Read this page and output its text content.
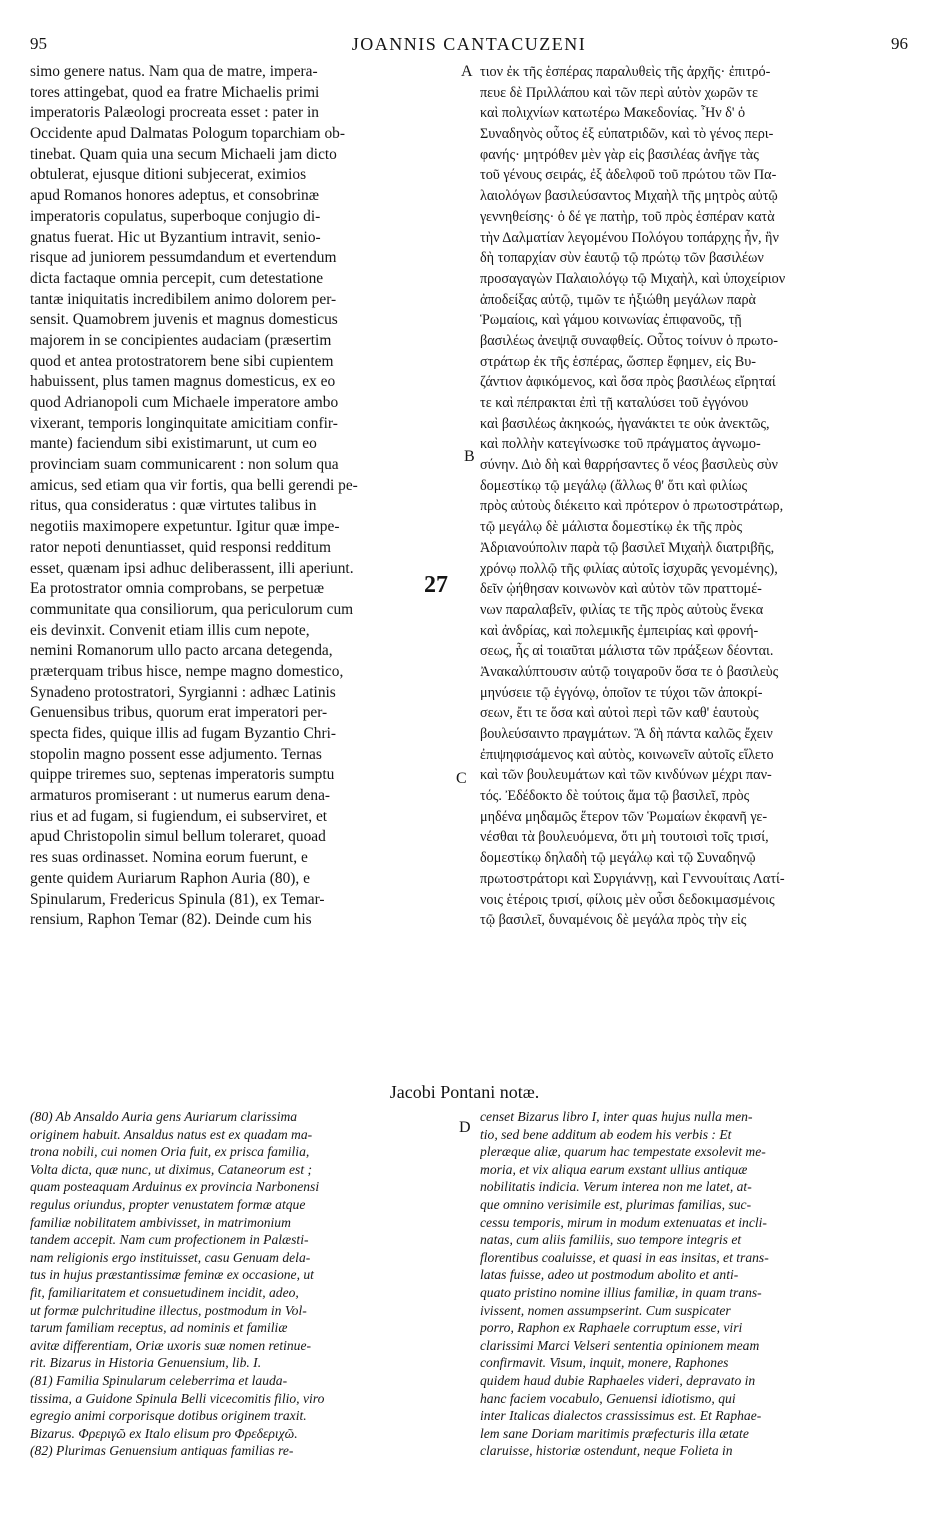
95	JOANNIS CANTACUZENI	96
simo genere natus. Nam qua de matre, impera-
tores attingebat, quod ea fratre Michaelis primi
imperatoris Palæologi procreata esset : pater in
Occidente apud Dalmatas Pologum toparchiam ob-
tinebat. Quam quia una secum Michaeli jam dicto
obtulerat, ejusque ditioni subjecerat, eximios
apud Romanos honores adeptus, et consobrinæ
imperatoris copulatus, superboque conjugio di-
gnatus fuerat. Hic ut Byzantium intravit, senio-
risque ad juniorem pessumdandum et evertendum
dicta factaque omnia percepit, cum detestatione
tantæ iniquitatis incredibilem animo dolorem per-
sensit. Quamobrem juvenis et magnus domesticus
majorem in se concipientes audaciam (præsertim
quod et antea protostratorem bene sibi cupientem
habuissent, plus tamen magnus domesticus, ex eo
quod Adrianopoli cum Michaele imperatore ambo
vixerant, temporis longinquitate amicitiam confir-
mante) faciendum sibi existimarunt, ut cum eo
provinciam suam communicarent : non solum qua
amicus, sed etiam qua vir fortis, qua belli gerendi pe-
ritus, qua consideratus : quæ virtutes talibus in
negotiis maximopere expetuntur. Igitur quæ impe-
rator nepoti denuntiasset, quid responsi redditum
esset, quænam ipsi adhuc deliberassent, illi aperiunt.
Ea protostrator omnia comprobans, se perpetuæ
communitate qua consiliorum, qua periculorum cum
eis devinxit. Convenit etiam illis cum nepote,
nemini Romanorum ullo pacto arcana detegenda,
præterquam tribus hisce, nempe magno domestico,
Synadeno protostratori, Syrgianni : adhæc Latinis
Genuensibus tribus, quorum erat imperatori per-
specta fides, quique illis ad fugam Byzantio Chri-
stopolin magno possent esse adjumento. Ternas
quippe triremes suo, septenas imperatoris sumptu
armaturos promiserant : ut numerus earum dena-
rius et ad fugam, si fugiendum, ei subserviret, et
apud Christopolin simul bellum toleraret, quoad
res suas ordinasset. Nomina eorum fuerunt, e
gente quidem Auriarum Raphon Auria (80), e
Spinularum, Fredericus Spinula (81), ex Temar-
rensium, Raphon Temar (82). Deinde cum his
τιον ἐκ τῆς ἑσπέρας παραλυθεὶς τῆς ἀρχῆς· ἐπιτρό-
πευε δὲ Πριλλάπου καὶ τῶν περὶ αὐτὸν χωρῶν τε
καὶ πολιχνίων κατωτέρω Μακεδονίας. Ἦν δ' ὁ
Συναδηνὸς οὗτος ἐξ εὐπατριδῶν, καὶ τὸ γένος περι-
φανής· μητρόθεν μὲν γὰρ εἰς βασιλέας ἀνῆγε τὰς
τοῦ γένους σειράς, ἐξ ἀδελφοῦ τοῦ πρώτου τῶν Πα-
λαιολόγων βασιλεύσαντος Μιχαὴλ τῆς μητρὸς αὐτῷ
γεννηθείσης· ὁ δέ γε πατὴρ, τοῦ πρὸς ἑσπέραν κατὰ
τὴν Δαλματίαν λεγομένου Πολόγου τοπάρχης ἦν, ἣν
δὴ τοπαρχίαν σὺν ἑαυτῷ τῷ πρώτῳ τῶν βασιλέων
προσαγαγὼν Παλαιολόγῳ τῷ Μιχαὴλ, καὶ ὑποχείριον
ἀποδείξας αὐτῷ, τιμῶν τε ἠξιώθη μεγάλων παρὰ
Ῥωμαίοις, καὶ γάμου κοινωνίας ἐπιφανοῦς, τῇ
βασιλέως ἀνεψιᾷ συναφθείς. Οὗτος τοίνυν ὁ πρωτο-
στράτωρ ἐκ τῆς ἑσπέρας, ὥσπερ ἔφημεν, εἰς Βυ-
ζάντιον ἀφικόμενος, καὶ ὅσα πρὸς βασιλέως εἴρηταί
τε καὶ πέπρακται ἐπὶ τῇ καταλύσει τοῦ ἐγγόνου
καὶ βασιλέως ἀκηκοώς, ἠγανάκτει τε οὐκ ἀνεκτῶς,
καὶ πολλὴν κατεγίνωσκε τοῦ πράγματος ἀγνωμο-
σύνην. Διὸ δὴ καὶ θαρρήσαντες ὅ νέος βασιλεὺς σὺν
δομεστίκῳ τῷ μεγάλῳ (ἄλλως θ' ὅτι καὶ φιλίως
πρὸς αὐτοὺς διέκειτο καὶ πρότερον ὁ πρωτοστράτωρ,
τῷ μεγάλῳ δὲ μάλιστα δομεστίκῳ ἐκ τῆς πρὸς
Ἀδριανούπολιν παρὰ τῷ βασιλεῖ Μιχαὴλ διατριβῆς,
χρόνῳ πολλῷ τῆς φιλίας αὐτοῖς ἰσχυρᾶς γενομένης),
δεῖν ᾠήθησαν κοινωνὸν καὶ αὐτὸν τῶν πραττομέ-
νων παραλαβεῖν, φιλίας τε τῆς πρὸς αὐτοὺς ἕνεκα
καὶ ἀνδρίας, καὶ πολεμικῆς ἐμπειρίας καὶ φρονή-
σεως, ἧς αἱ τοιαῦται μάλιστα τῶν πράξεων δέονται.
Ἀνακαλύπτουσιν αὐτῷ τοιγαροῦν ὅσα τε ὁ βασιλεὺς
μηνύσειε τῷ ἐγγόνῳ, ὁποῖον τε τύχοι τῶν ἀποκρί-
σεων, ἔτι τε ὅσα καὶ αὐτοὶ περὶ τῶν καθ' ἑαυτοὺς
βουλεύσαιντο πραγμάτων. Ἃ δὴ πάντα καλῶς ἔχειν
ἐπιψηφισάμενος καὶ αὐτὸς, κοινωνεῖν αὐτοῖς εἵλετο
καὶ τῶν βουλευμάτων καὶ τῶν κινδύνων μέχρι παν-
τός. Ἐδέδοκτο δὲ τούτοις ἅμα τῷ βασιλεῖ, πρὸς
μηδένα μηδαμῶς ἕτερον τῶν Ῥωμαίων ἐκφανῆ γε-
νέσθαι τὰ βουλευόμενα, ὅτι μὴ τουτοισὶ τοῖς τρισί,
δομεστίκῳ δηλαδὴ τῷ μεγάλῳ καὶ τῷ Συναδηνῷ
πρωτοστράτορι καὶ Συργιάννῃ, καὶ Γεννουίταις Λατί-
νοις ἑτέροις τρισί, φίλοις μὲν οὖσι δεδοκιμασμένοις
τῷ βασιλεῖ, δυναμένοις δὲ μεγάλα πρὸς τὴν εἰς
A
B
C
D
27
Jacobi Pontani notæ.
(80) Ab Ansaldo Auria gens Auriarum clarissima
originem habuit. Ansaldus natus est ex quadam ma-
trona nobili, cui nomen Oria fuit, ex prisca familia,
Volta dicta, quæ nunc, ut diximus, Cataneorum est ;
quam posteaquam Arduinus ex provincia Narbonensi
regulus oriundus, propter venustatem formæ atque
familiæ nobilitatem ambivisset, in matrimonium
tandem accepit. Nam cum profectionem in Palæsti-
nam religionis ergo instituisset, casu Genuam dela-
tus in hujus præstantissimæ feminæ ex occasione, ut
fit, familiaritatem et consuetudinem incidit, adeo,
ut formæ pulchritudine illectus, postmodum in Vol-
tarum familiam receptus, ad nominis et familiæ
avitæ differentiam, Oriæ uxoris suæ nomen retinue-
rit. Bizarus in Historia Genuensium, lib. I.
(81) Familia Spinularum celeberrima et lauda-
tissima, a Guidone Spinula Belli vicecomitis filio, viro
egregio animi corporisque dotibus originem traxit.
Bizarus. Φρεριγῶ ex Italo elisum pro Φρεδεριχῶ.
(82) Plurimas Genuensium antiquas familias re-
censet Bizarus libro I, inter quas hujus nulla men-
tio, sed bene additum ab eodem his verbis : Et
pleræque aliæ, quarum hac tempestate exsolevit me-
moria, et vix aliqua earum exstant ullius antiquæ
nobilitatis indicia. Verum interea non me latet, at-
que omnino verisimile est, plurimas familias, suc-
cessu temporis, mirum in modum extenuatas et incli-
natas, cum aliis familiis, suo tempore integris et
florentibus coaluisse, et quasi in eas insitas, et trans-
latas fuisse, adeo ut postmodum abolito et anti-
quato pristino nomine illius familiæ, in quam trans-
ivissent, nomen assumpserint. Cum suspicater
porro, Raphon ex Raphaele corruptum esse, viri
clarissimi Marci Velseri sententia opinionem meam
confirmavit. Visum, inquit, monere, Raphones
quidem haud dubie Raphaeles videri, depravato in
hanc faciem vocabulo, Genuensi idiotismo, qui
inter Italicas dialectos crassissimus est. Et Raphae-
lem sane Doriam maritimis præfecturis illa ætate
claruisse, historiæ ostendunt, neque Folieta in
